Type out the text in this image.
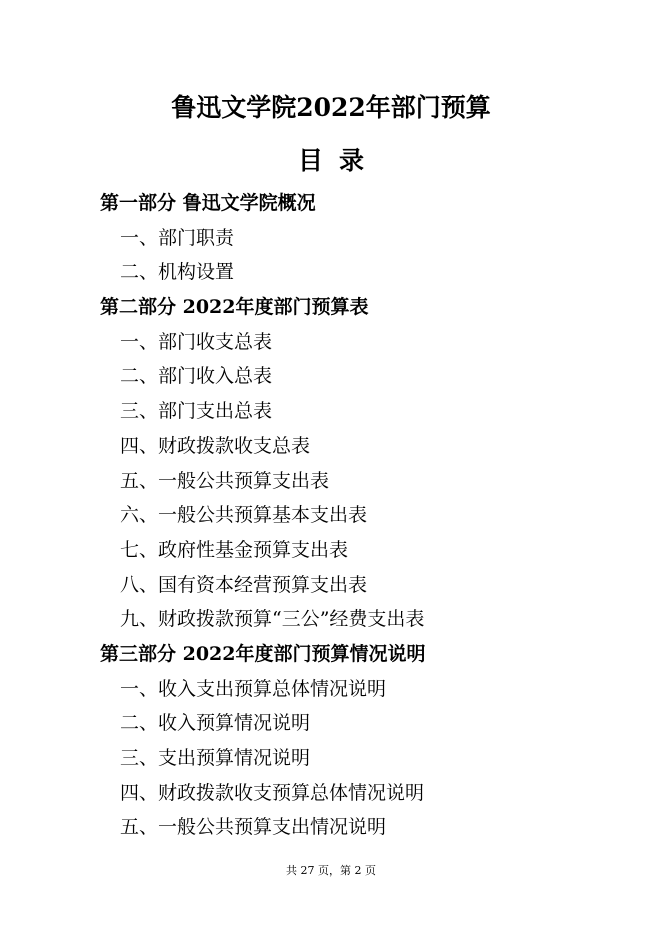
鲁迅文学院2022年部门预算
目录
第一部分 鲁迅文学院概况
一、部门职责
二、机构设置
第二部分 2022年度部门预算表
一、部门收支总表
二、部门收入总表
三、部门支出总表
四、财政拨款收支总表
五、一般公共预算支出表
六、一般公共预算基本支出表
七、政府性基金预算支出表
八、国有资本经营预算支出表
九、财政拨款预算“三公”经费支出表
第三部分 2022年度部门预算情况说明
一、收入支出预算总体情况说明
二、收入预算情况说明
三、支出预算情况说明
四、财政拨款收支预算总体情况说明
五、一般公共预算支出情况说明
共 27 页，第 2 页
